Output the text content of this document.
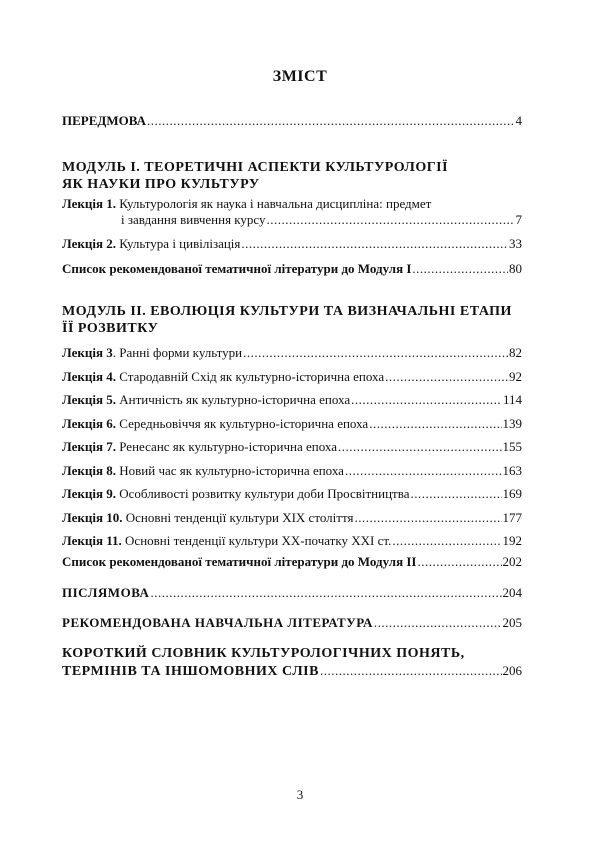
ЗМІСТ
ПЕРЕДМОВА .....	4
МОДУЛЬ І. ТЕОРЕТИЧНІ АСПЕКТИ КУЛЬТУРОЛОГІЇ
ЯК НАУКИ ПРО КУЛЬТУРУ
Лекція 1. Культурологія як наука і навчальна дисципліна: предмет
і завдання вивчення курсу .....	7
Лекція 2. Культура і цивілізація .....	33
Список рекомендованої тематичної літератури до Модуля І .....	80
МОДУЛЬ ІІ. ЕВОЛЮЦІЯ КУЛЬТУРИ ТА ВИЗНАЧАЛЬНІ ЕТАПИ
ЇЇ РОЗВИТКУ
Лекція 3. Ранні форми культури .....	82
Лекція 4. Стародавній Схід як культурно-історична епоха .....	92
Лекція 5. Античність як культурно-історична епоха .....	114
Лекція 6. Середньовіччя як культурно-історична епоха .....	139
Лекція 7. Ренесанс як культурно-історична епоха .....	155
Лекція 8. Новий час як культурно-історична епоха .....	163
Лекція 9. Особливості розвитку культури доби Просвітництва .....	169
Лекція 10. Основні тенденції культури XIX століття .....	177
Лекція 11. Основні тенденції культури XX-початку XXI ст. .....	192
Список рекомендованої тематичної літератури до Модуля ІІ .....	202
ПІСЛЯМОВА .....	204
РЕКОМЕНДОВАНА НАВЧАЛЬНА ЛІТЕРАТУРА .....	205
КОРОТКИЙ СЛОВНИК КУЛЬТУРОЛОГІЧНИХ ПОНЯТЬ,
ТЕРМІНІВ ТА ІНШОМОВНИХ СЛІВ .....	206
3
